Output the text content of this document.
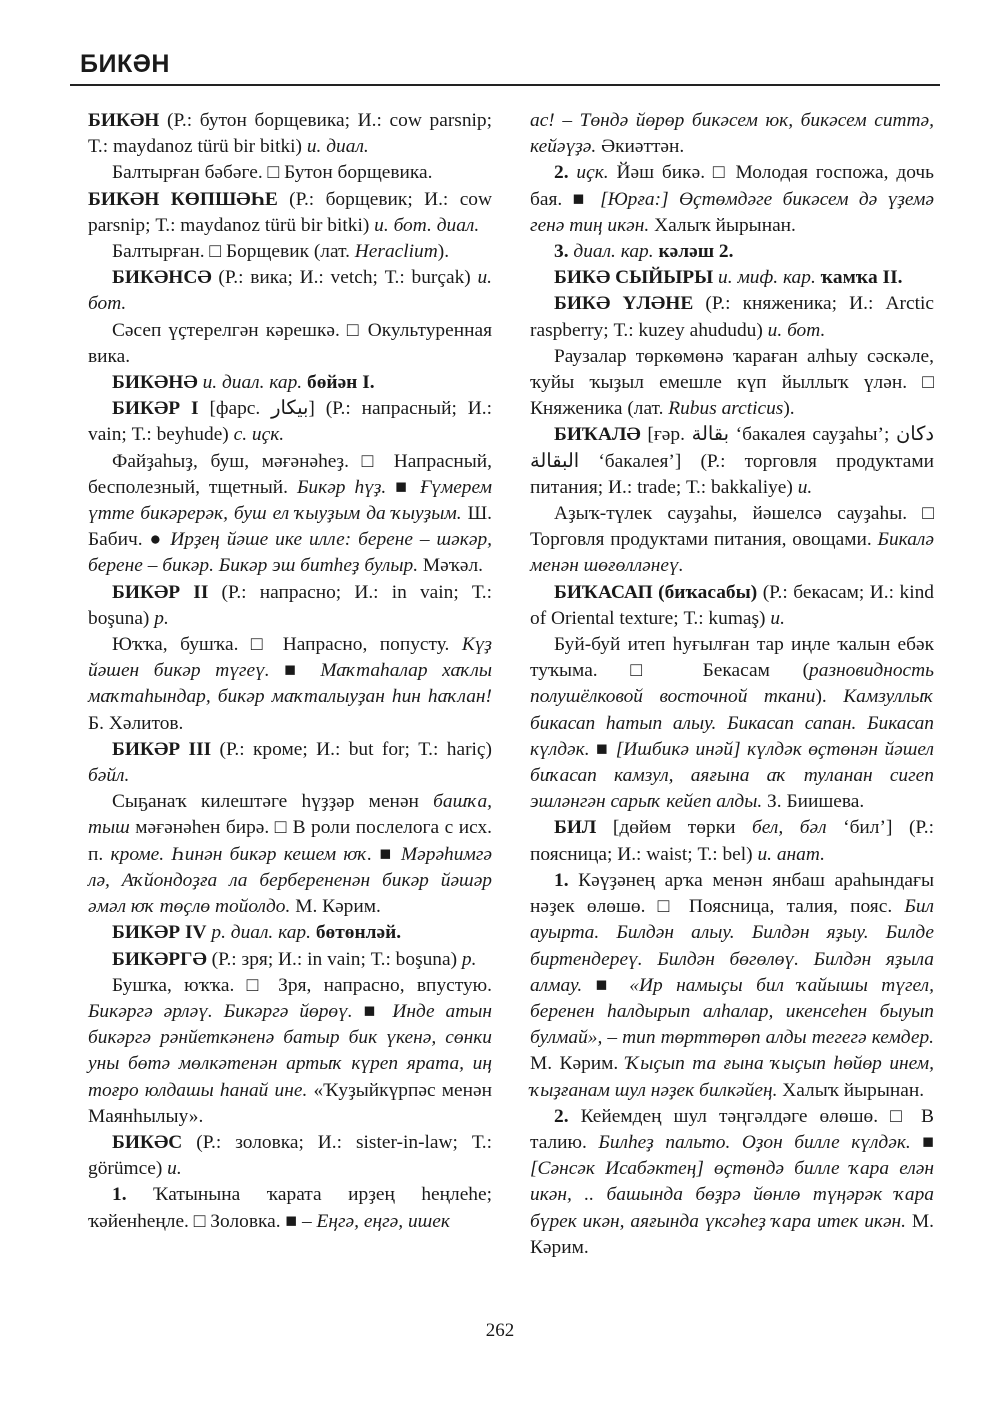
БИКӘН

БИКӘН (Р.: бутон борщевика; И.: cow parsnip; Т.: maydanoz türü bir bitki) и. диал.

Балтырған бәбәге. □ Бутон борщевика.

БИКӘН КӨПШӘҺЕ (Р.: борщевик; И.: cow parsnip; Т.: maydanoz türü bir bitki) и. бот. диал.

Балтырған. □ Борщевик (лат. Heraclium).

БИКӘНСӘ (Р.: вика; И.: vetch; Т.: burçak) и. бот.

Сәсеп үҫтерелгән кәрешкә. □ Окультуренная вика.

БИКӘНӘ и. диал. кар. бөйән I.

БИКӘР I [фарс. بيكار] (Р.: напрасный; И.: vain; Т.: beyhude) с. иҫк.

Файҙаһыҙ, буш, мәғәнәһеҙ. □ Напрасный, бесполезный, тщетный. Бикәр һүҙ. ■ Ғүмерем үтте бикәрерәк, буш ел ҡыуҙым да ҡыуҙым. Ш. Бабич. ● Ирҙең йәше ике илле: берене – шәкәр, берене – бикәр. Бикәр эш битһеҙ булыр. Мәҡәл.

БИКӘР II (Р.: напрасно; И.: in vain; Т.: boşuna) р.

Юҡҡа, бушҡа. □ Напрасно, попусту. Күҙ йәшен бикәр түгеү. ■ Маҡтаһалар хаҡлы маҡтаһындар, бикәр маҡталыуҙан һин һаҡлан! Б. Хәлитов.

БИКӘР III (Р.: кроме; И.: but for; Т.: hariç) бәйл.

Сыҕанаҡ килештәге һүҙҙәр менән башҡа, тыш мәғәнәһен бирә. □ В роли послелога с исх. п. кроме. Һинән бикәр кешем юҡ. ■ Мәрәһимгә лә, Аҡйондоҙға ла берберененән бикәр йәшәр әмәл юҡ төҫлө тойолдо. М. Кәрим.

БИКӘР IV р. диал. кар. бөтөнләй.

БИКӘРГӘ (Р.: зря; И.: in vain; Т.: boşuna) р.

Бушҡа, юҡҡа. □ Зря, напрасно, впустую. Бикәргә әрләү. Бикәргә йөрөү. ■ Инде атын бикәргә рәнйеткәненә батыр бик үкенә, сөнки уны бөтә мөлкәтенән артыҡ күреп ярата, иң тоғро юлдашы һанай ине. «Ҡуҙыйкүрпәс менән Маянһылыу».

БИКӘС (Р.: золовка; И.: sister-in-law; Т.: görümce) и.

1. Ҡатынына ҡарата ирҙең һеңлеһе; ҡәйенһеңле. □ Золовка. ■ – Еңгә, еңгә, ишек

ас! – Төндә йөрөр бикәсем юк, бикәсем ситтә, кейәүҙә. Әкиәттән.

2. иҫк. Йәш бикә. □ Молодая госпожа, дочь бая. ■ [Юрға:] Өҫтөмдәге бикәсем дә үҙемә генә тиң икән. Халыҡ йырынан.

3. диал. кар. кәләш 2.

БИКӘ СЫЙЫРЫ и. миф. кар. ҡамҡа II.

БИКӘ ҮЛӘНЕ (Р.: княженика; И.: Arctic raspberry; Т.: kuzey ahududu) и. бот.

Раузалар төркөмөнә ҡараған алһыу сәскәле, ҡуйы ҡыҙыл емешле күп йыллыҡ үлән. □ Княженика (лат. Rubus arcticus).

БИҠАЛӘ [ғәр. بقالة ‘бакалея сауҙаһы’; دكان البقالة ‘бакалея’] (Р.: торговля продуктами питания; И.: trade; Т.: bakkaliye) и.

Аҙыҡ-түлек сауҙаһы, йәшелсә сауҙаһы. □ Торговля продуктами питания, овощами. Бикалә менән шөғөлләнеү.

БИҠАСАП (биҡасабы) (Р.: бекасам; И.: kind of Oriental texture; Т.: kumaş) и.

Буй-буй итеп һуғылған тар иңле ҡалын ебәк туҡыма. □ Бекасам (разновидность полушёлковой восточной ткани). Камзуллыҡ бикасап һатып алыу. Бикасап сапан. Бикасап күлдәк. ■ [Ишбикә инәй] күлдәк өҫтөнән йәшел биҡасап камзул, аяғына аҡ туланан сигеп эшләнгән сарыҡ кейеп алды. З. Биишева.

БИЛ [дөйөм төрки бел, бәл ‘бил’] (Р.: поясница; И.: waist; Т.: bel) и. анат.

1. Кәүҙәнең арҡа менән янбаш араһындағы нәҙек өлөшө. □ Поясница, талия, пояс. Бил ауыртa. Билдән алыу. Билдән яҙыу. Билде биртендереү. Билдән бөгөлөү. Билдән яҙыла алмау. ■ «Ир намыҫы бил ҡайышы түгел, беренен һалдырып алһалар, икенсеһен быуып булмай», – тип төрттөрөп алды тегегә кемдер. М. Кәрим. Ҡыҫып та ғына ҡыҫып һөйөр инем, ҡыҙғанам шул нәҙек билкәйең. Халыҡ йырынан.

2. Кейемдең шул тәңгәлдәге өлөшө. □ В талию. Билһеҙ пальто. Оҙон билле күлдәк. ■ [Сәнсәк Исабәктең] өҫтөндә билле ҡара елән икән, .. башында бөҙрә йөнлө түңәрәк ҡара бүрек икән, аяғында үксәһеҙ ҡара итек икән. М. Кәрим.

262
